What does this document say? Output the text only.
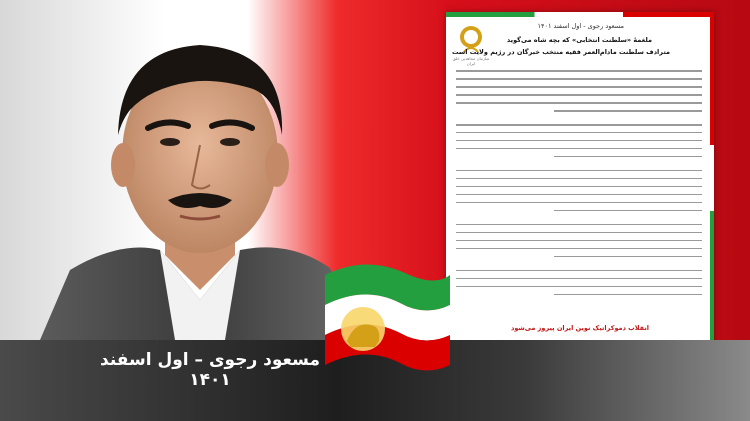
سازمان مجاهدین خلق ایران
مسعود رجوی - اول اسفند ۱۴۰۱
ملغمهٔ «سلطنت انتخابی» که بچه شاه می‌گوید
مترادف سلطنت مادام‌العمر فقیه منتخب خبرگان در رژیم ولایت است
انقلاب دموکراتیک نوین ایران پیروز می‌شود
مسعود رجوی – اول اسفند ۱۴۰۱
